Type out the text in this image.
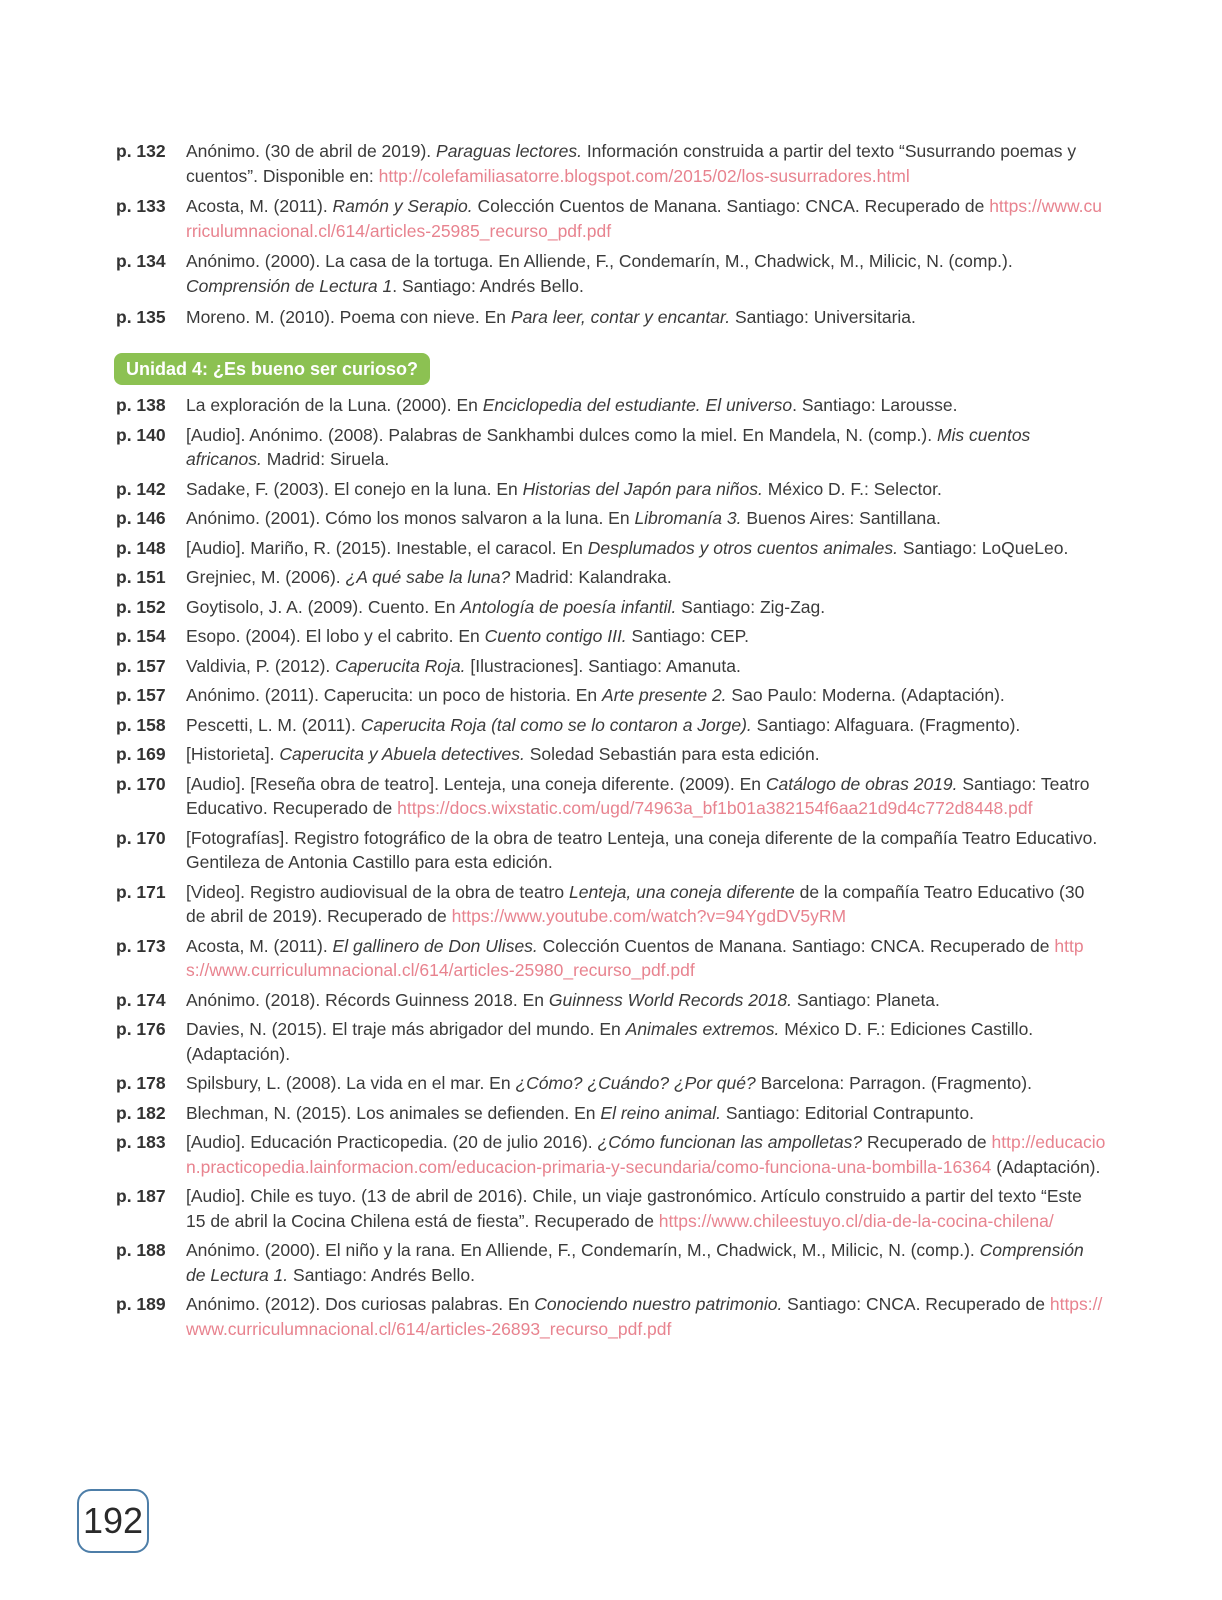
p. 132	Anónimo. (30 de abril de 2019). Paraguas lectores. Información construida a partir del texto “Susurrando poemas y cuentos”. Disponible en: http://colefamiliasatorre.blogspot.com/2015/02/los-susurradores.html
p. 133	Acosta, M. (2011). Ramón y Serapio. Colección Cuentos de Manana. Santiago: CNCA. Recuperado de https://www.curriculumnacional.cl/614/articles-25985_recurso_pdf.pdf
p. 134	Anónimo. (2000). La casa de la tortuga. En Alliende, F., Condemarín, M., Chadwick, M., Milicic, N. (comp.). Comprensión de Lectura 1. Santiago: Andrés Bello.
p. 135	Moreno. M. (2010). Poema con nieve. En Para leer, contar y encantar. Santiago: Universitaria.
Unidad 4: ¿Es bueno ser curioso?
p. 138	La exploración de la Luna. (2000). En Enciclopedia del estudiante. El universo. Santiago: Larousse.
p. 140	[Audio]. Anónimo. (2008). Palabras de Sankhambi dulces como la miel. En Mandela, N. (comp.). Mis cuentos africanos. Madrid: Siruela.
p. 142	Sadake, F. (2003). El conejo en la luna. En Historias del Japón para niños. México D. F.: Selector.
p. 146	Anónimo. (2001). Cómo los monos salvaron a la luna. En Libromanía 3. Buenos Aires: Santillana.
p. 148	[Audio]. Mariño, R. (2015). Inestable, el caracol. En Desplumados y otros cuentos animales. Santiago: LoQueLeo.
p. 151	Grejniec, M. (2006). ¿A qué sabe la luna? Madrid: Kalandraka.
p. 152	Goytisolo, J. A. (2009). Cuento. En Antología de poesía infantil. Santiago: Zig-Zag.
p. 154	Esopo. (2004). El lobo y el cabrito. En Cuento contigo III. Santiago: CEP.
p. 157	Valdivia, P. (2012). Caperucita Roja. [Ilustraciones]. Santiago: Amanuta.
p. 157	Anónimo. (2011). Caperucita: un poco de historia. En Arte presente 2. Sao Paulo: Moderna. (Adaptación).
p. 158	Pescetti, L. M. (2011). Caperucita Roja (tal como se lo contaron a Jorge). Santiago: Alfaguara. (Fragmento).
p. 169	[Historieta]. Caperucita y Abuela detectives. Soledad Sebastián para esta edición.
p. 170	[Audio]. [Reseña obra de teatro]. Lenteja, una coneja diferente. (2009). En Catálogo de obras 2019. Santiago: Teatro Educativo. Recuperado de https://docs.wixstatic.com/ugd/74963a_bf1b01a382154f6aa21d9d4c772d8448.pdf
p. 170	[Fotografías]. Registro fotográfico de la obra de teatro Lenteja, una coneja diferente de la compañía Teatro Educativo. Gentileza de Antonia Castillo para esta edición.
p. 171	[Video]. Registro audiovisual de la obra de teatro Lenteja, una coneja diferente de la compañía Teatro Educativo (30 de abril de 2019). Recuperado de https://www.youtube.com/watch?v=94YgdDV5yRM
p. 173	Acosta, M. (2011). El gallinero de Don Ulises. Colección Cuentos de Manana. Santiago: CNCA. Recuperado de https://www.curriculumnacional.cl/614/articles-25980_recurso_pdf.pdf
p. 174	Anónimo. (2018). Récords Guinness 2018. En Guinness World Records 2018. Santiago: Planeta.
p. 176	Davies, N. (2015). El traje más abrigador del mundo. En Animales extremos. México D. F.: Ediciones Castillo. (Adaptación).
p. 178	Spilsbury, L. (2008). La vida en el mar. En ¿Cómo? ¿Cuándo? ¿Por qué? Barcelona: Parragon. (Fragmento).
p. 182	Blechman, N. (2015). Los animales se defienden. En El reino animal. Santiago: Editorial Contrapunto.
p. 183	[Audio]. Educación Practicopedia. (20 de julio 2016). ¿Cómo funcionan las ampolletas? Recuperado de http://educacion.practicopedia.lainformacion.com/educacion-primaria-y-secundaria/como-funciona-una-bombilla-16364 (Adaptación).
p. 187	[Audio]. Chile es tuyo. (13 de abril de 2016). Chile, un viaje gastronómico. Artículo construido a partir del texto “Este 15 de abril la Cocina Chilena está de fiesta”. Recuperado de https://www.chileestuyo.cl/dia-de-la-cocina-chilena/
p. 188	Anónimo. (2000). El niño y la rana. En Alliende, F., Condemarín, M., Chadwick, M., Milicic, N. (comp.). Comprensión de Lectura 1. Santiago: Andrés Bello.
p. 189	Anónimo. (2012). Dos curiosas palabras. En Conociendo nuestro patrimonio. Santiago: CNCA. Recuperado de https://www.curriculumnacional.cl/614/articles-26893_recurso_pdf.pdf
192
